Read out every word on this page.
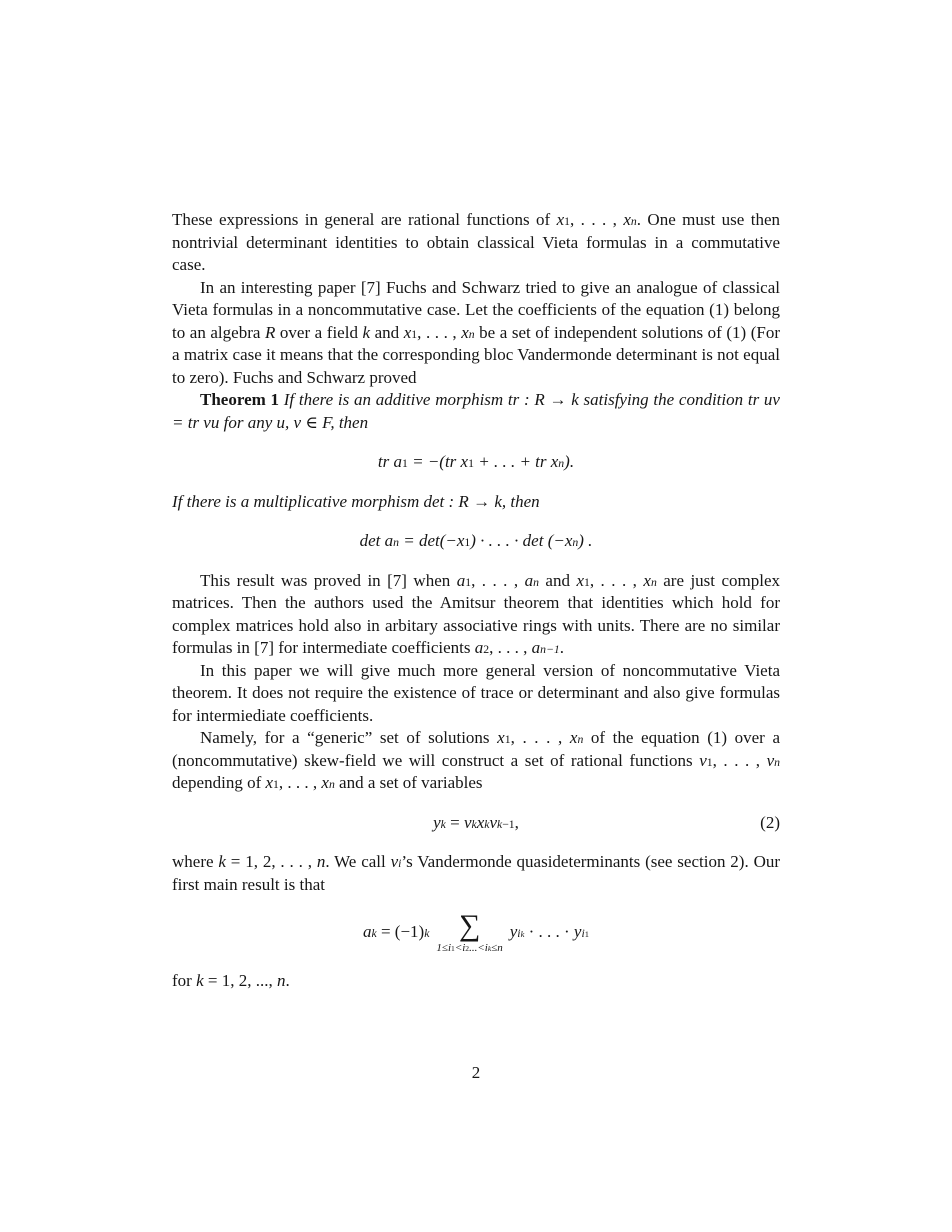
These expressions in general are rational functions of x1, . . . , xn. One must use then nontrivial determinant identities to obtain classical Vieta formulas in a commutative case.

In an interesting paper [7] Fuchs and Schwarz tried to give an analogue of classical Vieta formulas in a noncommutative case. Let the coefficients of the equation (1) belong to an algebra R over a field k and x1, . . . , xn be a set of independent solutions of (1) (For a matrix case it means that the corresponding bloc Vandermonde determinant is not equal to zero). Fuchs and Schwarz proved

Theorem 1 If there is an additive morphism tr : R → k satisfying the condition tr uv = tr vu for any u, v ∈ F, then

tr a1 = −(tr x1 + . . . + tr xn).

If there is a multiplicative morphism det : R → k, then

det an = det(−x1) · . . . · det (−xn) .

This result was proved in [7] when a1, . . . , an and x1, . . . , xn are just complex matrices. Then the authors used the Amitsur theorem that identities which hold for complex matrices hold also in arbitary associative rings with units. There are no similar formulas in [7] for intermediate coefficients a2, . . . , an−1.

In this paper we will give much more general version of noncommutative Vieta theorem. It does not require the existence of trace or determinant and also give formulas for intermiediate coefficients.

Namely, for a “generic” set of solutions x1, . . . , xn of the equation (1) over a (noncommutative) skew-field we will construct a set of rational functions v1, . . . , vn depending of x1, . . . , xn and a set of variables

yk = vkxkvk$^{-1}$,	(2)

where k = 1, 2, . . . , n. We call vi’s Vandermonde quasideterminants (see section 2). Our first main result is that

ak = $(-1)^k$ ∑
1≤i1<i2...<ik≤n
$yi_k$ · . . . · $yi_1$

for k = 1, 2, ..., n.

2
